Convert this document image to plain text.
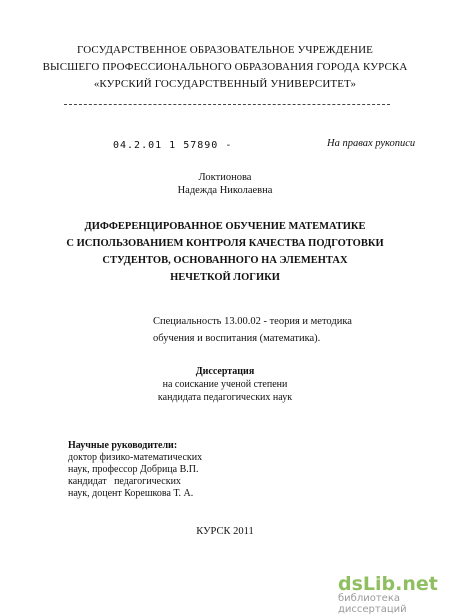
ГОСУДАРСТВЕННОЕ ОБРАЗОВАТЕЛЬНОЕ УЧРЕЖДЕНИЕ
ВЫСШЕГО ПРОФЕССИОНАЛЬНОГО ОБРАЗОВАНИЯ ГОРОДА КУРСКА
«КУРСКИЙ ГОСУДАРСТВЕННЫЙ УНИВЕРСИТЕТ»
04.2.01 1 57890 -	На правах рукописи
Локтионова
Надежда Николаевна
ДИФФЕРЕНЦИРОВАННОЕ ОБУЧЕНИЕ МАТЕМАТИКЕ
С ИСПОЛЬЗОВАНИЕМ КОНТРОЛЯ КАЧЕСТВА ПОДГОТОВКИ
СТУДЕНТОВ, ОСНОВАННОГО НА ЭЛЕМЕНТАХ
НЕЧЕТКОЙ ЛОГИКИ
Специальность 13.00.02 - теория и методика
обучения и воспитания (математика).
Диссертация
на соискание ученой степени
кандидата педагогических наук
Научные руководители:
доктор физико-математических
наук, профессор Добрица В.П.
кандидат   педагогических
наук, доцент Корешкова Т. А.
КУРСК 2011
dsLib.net
библиотека диссертаций
